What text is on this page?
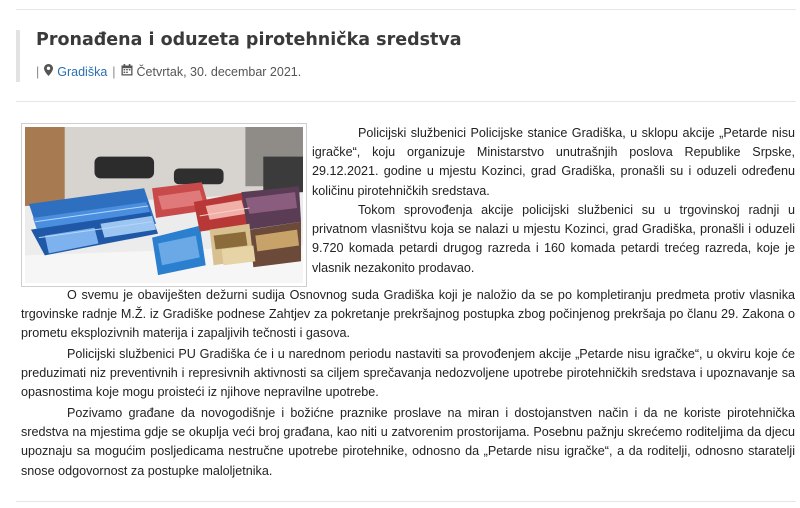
Pronađena i oduzeta pirotehnička sredstva
| Gradiška | Četvrtak, 30. decembar 2021.

Policijski službenici Policijske stanice Gradiška, u sklopu akcije „Petarde nisu igračke“, koju organizuje Ministarstvo unutrašnjih poslova Republike Srpske, 29.12.2021. godine u mjestu Kozinci, grad Gradiška, pronašli su i oduzeli određenu količinu pirotehničkih sredstava.

Tokom sprovođenja akcije policijski službenici su u trgovinskoj radnji u privatnom vlasništvu koja se nalazi u mjestu Kozinci, grad Gradiška, pronašli i oduzeli 9.720 komada petardi drugog razreda i 160 komada petardi trećeg razreda, koje je vlasnik nezakonito prodavao.

O svemu je obaviješten dežurni sudija Osnovnog suda Gradiška koji je naložio da se po kompletiranju predmeta protiv vlasnika trgovinske radnje M.Ž. iz Gradiške podnese Zahtjev za pokretanje prekršajnog postupka zbog počinjenog prekršaja po članu 29. Zakona o prometu eksplozivnih materija i zapaljivih tečnosti i gasova.

Policijski službenici PU Gradiška će i u narednom periodu nastaviti sa provođenjem akcije „Petarde nisu igračke“, u okviru koje će preduzimati niz preventivnih i represivnih aktivnosti sa ciljem sprečavanja nedozvoljene upotrebe pirotehničkih sredstava i upoznavanje sa opasnostima koje mogu proisteći iz njihove nepravilne upotrebe.

Pozivamo građane da novogodišnje i božićne praznike proslave na miran i dostojanstven način i da ne koriste pirotehnička sredstva na mjestima gdje se okuplja veći broj građana, kao niti u zatvorenim prostorijama. Posebnu pažnju skrećemo roditeljima da djecu upoznaju sa mogućim posljedicama nestručne upotrebe pirotehnike, odnosno da „Petarde nisu igračke“, a da roditelji, odnosno staratelji snose odgovornost za postupke maloljetnika.
